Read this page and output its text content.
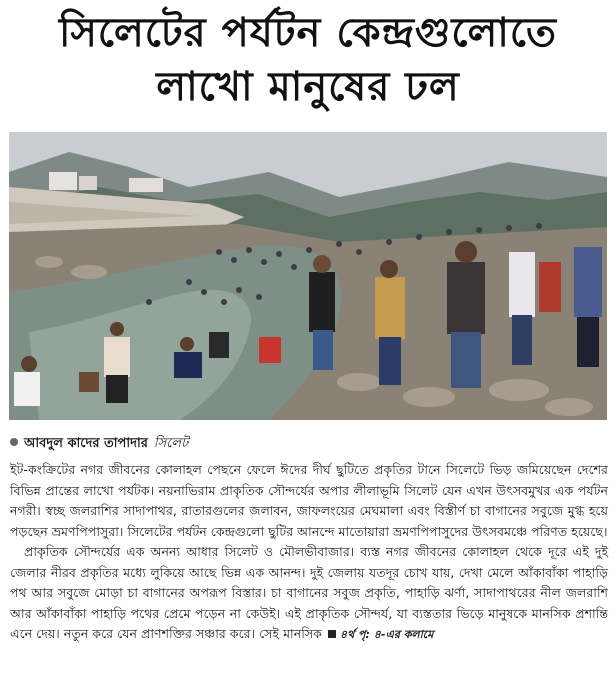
সিলেটের পর্যটন কেন্দ্রগুলোতে
লাখো মানুষের ঢল
আবদুল কাদের তাপাদার সিলেট

ইট-কংক্রিটের নগর জীবনের কোলাহল পেছনে ফেলে ঈদের দীর্ঘ ছুটিতে প্রকৃতির টানে সিলেটে ভিড় জমিয়েছেন দেশের বিভিন্ন প্রান্তের লাখো পর্যটক। নয়নাভিরাম প্রাকৃতিক সৌন্দর্যের অপার লীলাভূমি সিলেট যেন এখন উৎসবমুখর এক পর্যটন নগরী। স্বচ্ছ জলরাশির সাদাপাথর, রাতারগুলের জলাবন, জাফলংয়ের মেঘমালা এবং বিস্তীর্ণ চা বাগানের সবুজে মুগ্ধ হয়ে পড়ছেন ভ্রমণপিপাসুরা। সিলেটের পর্যটন কেন্দ্রগুলো ছুটির আনন্দে মাতোয়ারা ভ্রমণপিপাসুদের উৎসবমঞ্চে পরিণত হয়েছে।

প্রাকৃতিক সৌন্দর্যের এক অনন্য আধার সিলেট ও মৌলভীবাজার। ব্যস্ত নগর জীবনের কোলাহল থেকে দূরে এই দুই জেলার নীরব প্রকৃতির মধ্যে লুকিয়ে আছে ভিন্ন এক আনন্দ। দুই জেলায় যতদূর চোখ যায়, দেখা মেলে আঁকাবাঁকা পাহাড়ি পথ আর সবুজে মোড়া চা বাগানের অপরূপ বিস্তার। চা বাগানের সবুজ প্রকৃতি, পাহাড়ি ঝর্ণা, সাদাপাথরের নীল জলরাশি আর আঁকাবাঁকা পাহাড়ি পথের প্রেমে পড়েন না কেউই। এই প্রাকৃতিক সৌন্দর্য, যা ব্যস্ততার ভিড়ে মানুষকে মানসিক প্রশান্তি এনে দেয়। নতুন করে যেন প্রাণশক্তির সঞ্চার করে। সেই মানসিক ৪র্থ পৃ: ৪-এর কলামে
